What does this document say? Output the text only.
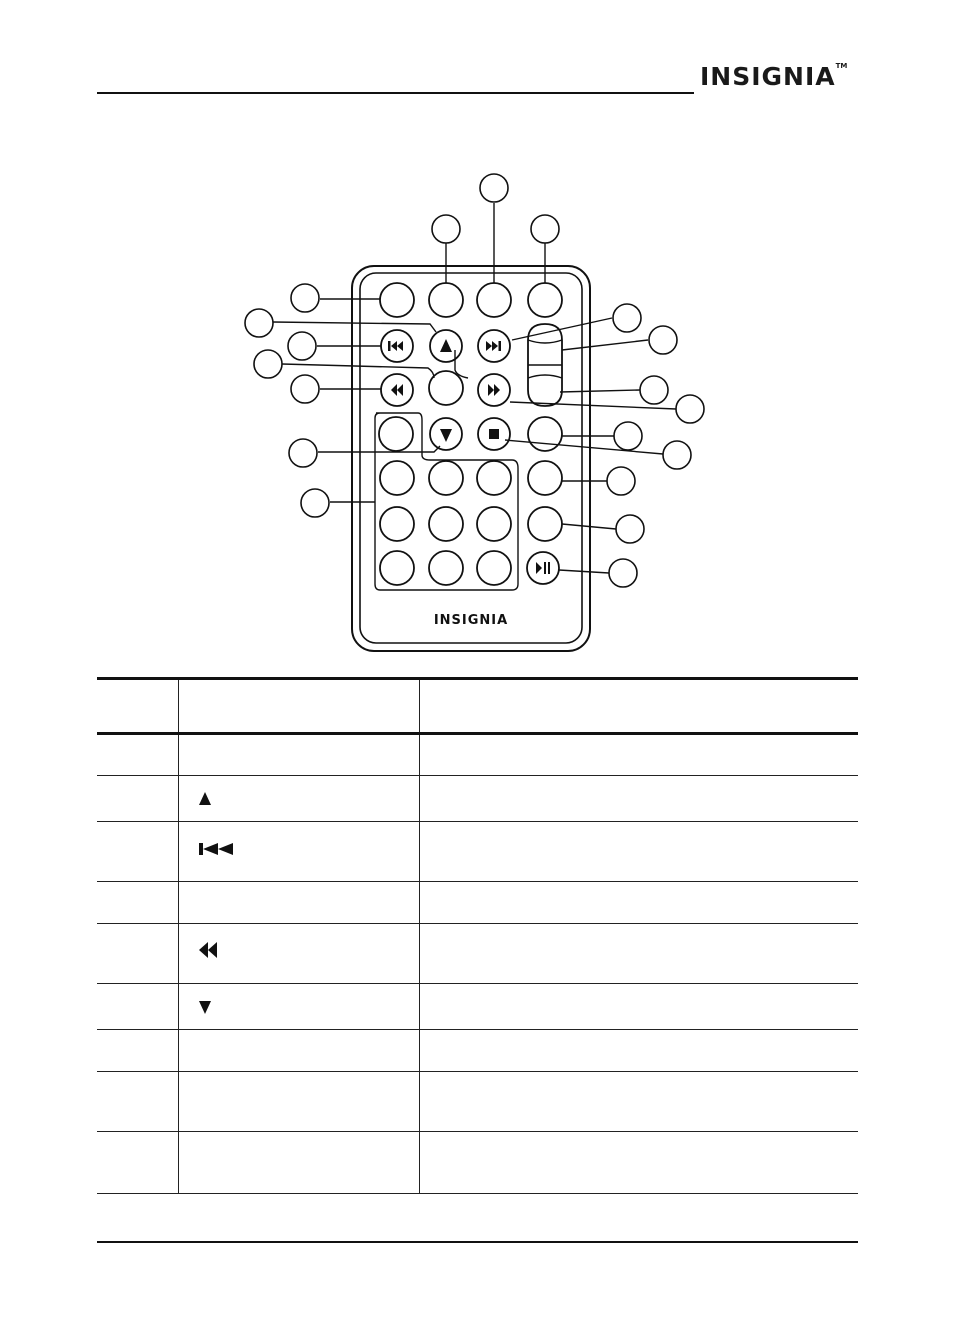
INSIGNIA™
INSIGNIA
